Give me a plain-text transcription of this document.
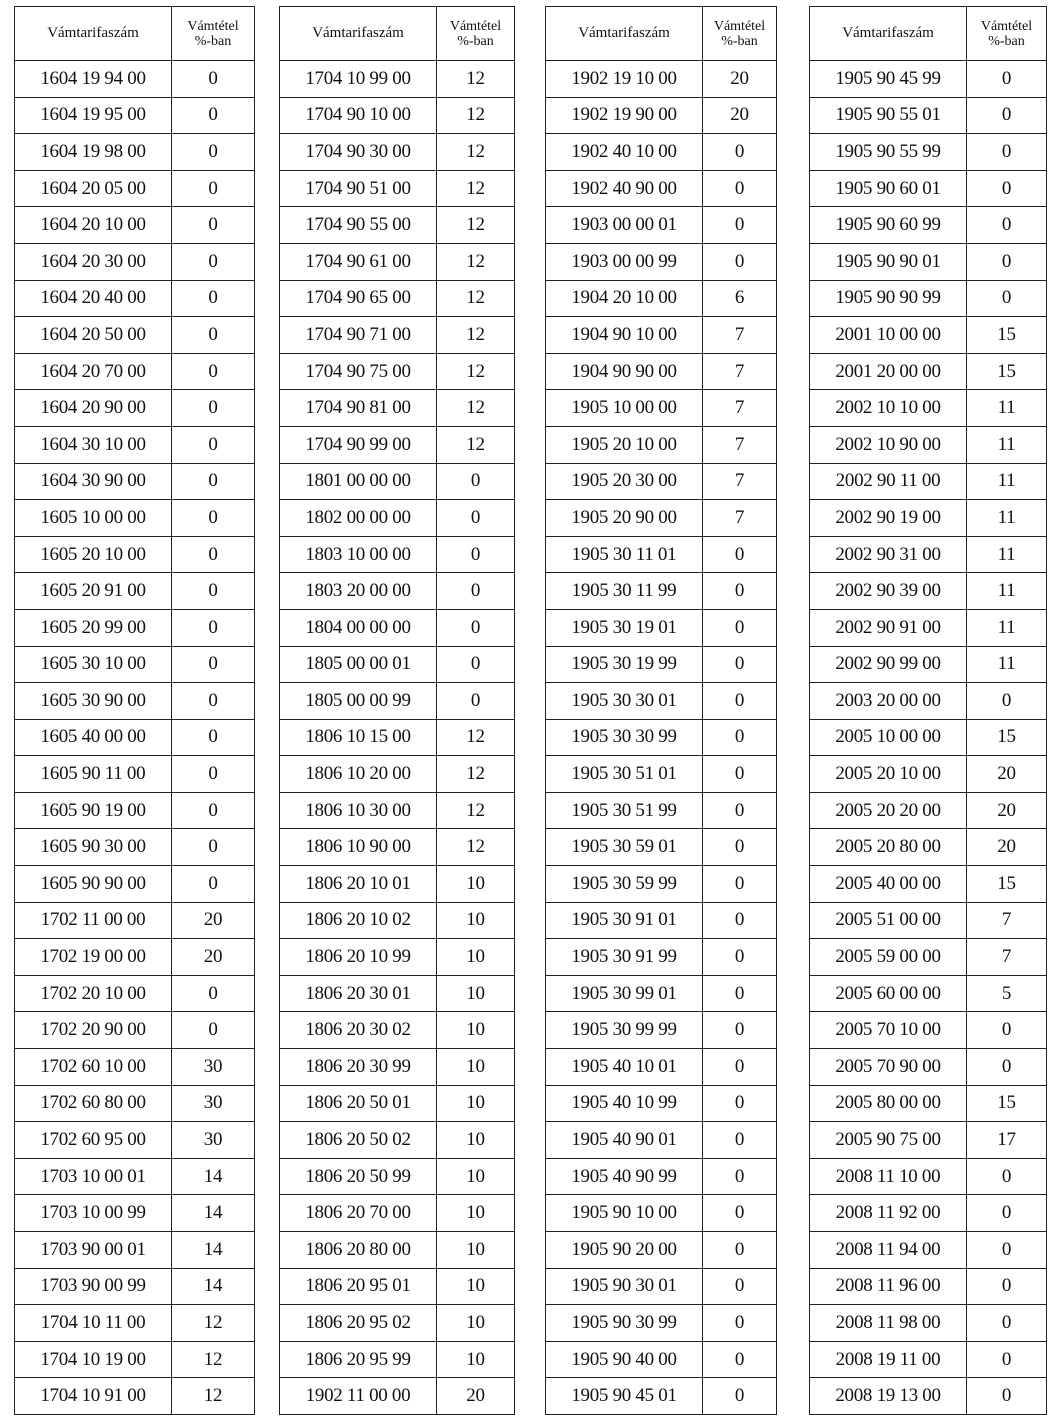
Vámtarifaszám	Vámtétel
%-ban
1604 19 94 00	0
1604 19 95 00	0
1604 19 98 00	0
1604 20 05 00	0
1604 20 10 00	0
1604 20 30 00	0
1604 20 40 00	0
1604 20 50 00	0
1604 20 70 00	0
1604 20 90 00	0
1604 30 10 00	0
1604 30 90 00	0
1605 10 00 00	0
1605 20 10 00	0
1605 20 91 00	0
1605 20 99 00	0
1605 30 10 00	0
1605 30 90 00	0
1605 40 00 00	0
1605 90 11 00	0
1605 90 19 00	0
1605 90 30 00	0
1605 90 90 00	0
1702 11 00 00	20
1702 19 00 00	20
1702 20 10 00	0
1702 20 90 00	0
1702 60 10 00	30
1702 60 80 00	30
1702 60 95 00	30
1703 10 00 01	14
1703 10 00 99	14
1703 90 00 01	14
1703 90 00 99	14
1704 10 11 00	12
1704 10 19 00	12
1704 10 91 00	12
Vámtarifaszám	Vámtétel
%-ban
1704 10 99 00	12
1704 90 10 00	12
1704 90 30 00	12
1704 90 51 00	12
1704 90 55 00	12
1704 90 61 00	12
1704 90 65 00	12
1704 90 71 00	12
1704 90 75 00	12
1704 90 81 00	12
1704 90 99 00	12
1801 00 00 00	0
1802 00 00 00	0
1803 10 00 00	0
1803 20 00 00	0
1804 00 00 00	0
1805 00 00 01	0
1805 00 00 99	0
1806 10 15 00	12
1806 10 20 00	12
1806 10 30 00	12
1806 10 90 00	12
1806 20 10 01	10
1806 20 10 02	10
1806 20 10 99	10
1806 20 30 01	10
1806 20 30 02	10
1806 20 30 99	10
1806 20 50 01	10
1806 20 50 02	10
1806 20 50 99	10
1806 20 70 00	10
1806 20 80 00	10
1806 20 95 01	10
1806 20 95 02	10
1806 20 95 99	10
1902 11 00 00	20
Vámtarifaszám	Vámtétel
%-ban
1902 19 10 00	20
1902 19 90 00	20
1902 40 10 00	0
1902 40 90 00	0
1903 00 00 01	0
1903 00 00 99	0
1904 20 10 00	6
1904 90 10 00	7
1904 90 90 00	7
1905 10 00 00	7
1905 20 10 00	7
1905 20 30 00	7
1905 20 90 00	7
1905 30 11 01	0
1905 30 11 99	0
1905 30 19 01	0
1905 30 19 99	0
1905 30 30 01	0
1905 30 30 99	0
1905 30 51 01	0
1905 30 51 99	0
1905 30 59 01	0
1905 30 59 99	0
1905 30 91 01	0
1905 30 91 99	0
1905 30 99 01	0
1905 30 99 99	0
1905 40 10 01	0
1905 40 10 99	0
1905 40 90 01	0
1905 40 90 99	0
1905 90 10 00	0
1905 90 20 00	0
1905 90 30 01	0
1905 90 30 99	0
1905 90 40 00	0
1905 90 45 01	0
Vámtarifaszám	Vámtétel
%-ban
1905 90 45 99	0
1905 90 55 01	0
1905 90 55 99	0
1905 90 60 01	0
1905 90 60 99	0
1905 90 90 01	0
1905 90 90 99	0
2001 10 00 00	15
2001 20 00 00	15
2002 10 10 00	11
2002 10 90 00	11
2002 90 11 00	11
2002 90 19 00	11
2002 90 31 00	11
2002 90 39 00	11
2002 90 91 00	11
2002 90 99 00	11
2003 20 00 00	0
2005 10 00 00	15
2005 20 10 00	20
2005 20 20 00	20
2005 20 80 00	20
2005 40 00 00	15
2005 51 00 00	7
2005 59 00 00	7
2005 60 00 00	5
2005 70 10 00	0
2005 70 90 00	0
2005 80 00 00	15
2005 90 75 00	17
2008 11 10 00	0
2008 11 92 00	0
2008 11 94 00	0
2008 11 96 00	0
2008 11 98 00	0
2008 19 11 00	0
2008 19 13 00	0
